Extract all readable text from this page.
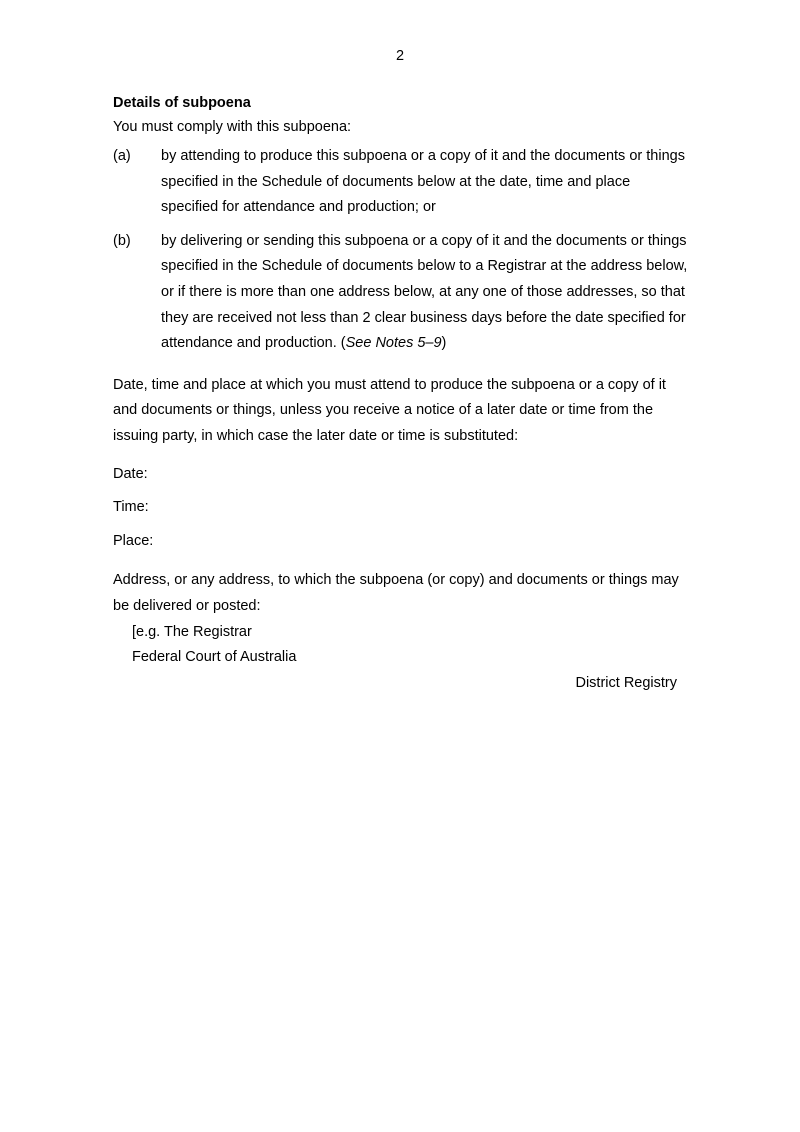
2

Details of subpoena

You must comply with this subpoena:

(a) by attending to produce this subpoena or a copy of it and the documents or things specified in the Schedule of documents below at the date, time and place specified for attendance and production; or
(b) by delivering or sending this subpoena or a copy of it and the documents or things specified in the Schedule of documents below to a Registrar at the address below, or if there is more than one address below, at any one of those addresses, so that they are received not less than 2 clear business days before the date specified for attendance and production. (See Notes 5–9)
Date, time and place at which you must attend to produce the subpoena or a copy of it and documents or things, unless you receive a notice of a later date or time from the issuing party, in which case the later date or time is substituted:
Date:
Time:
Place:
Address, or any address, to which the subpoena (or copy) and documents or things may be delivered or posted:
[e.g. The Registrar
Federal Court of Australia
District Registry
